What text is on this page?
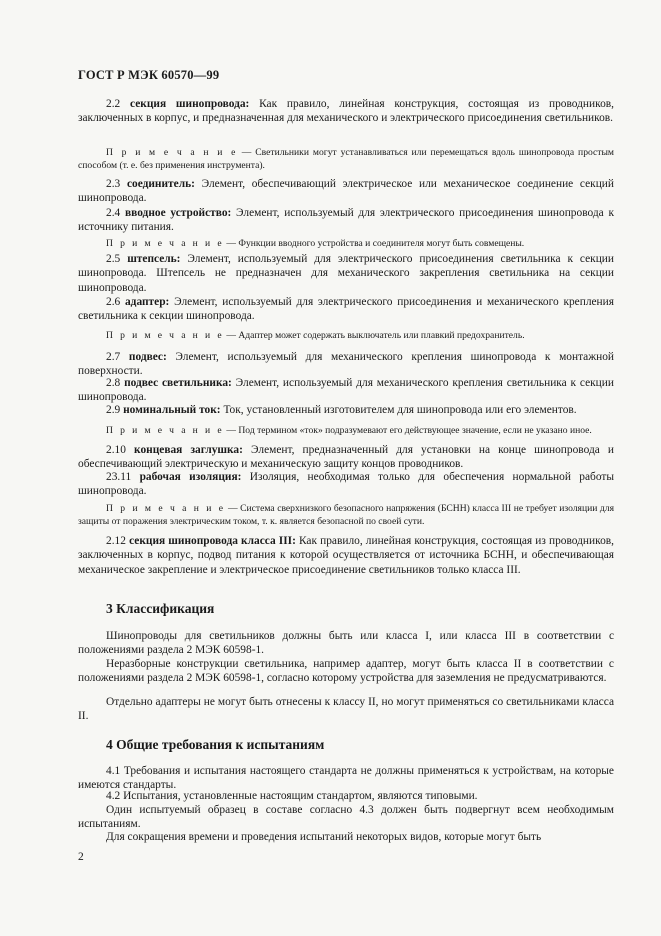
ГОСТ Р МЭК 60570—99
2.2 секция шинопровода: Как правило, линейная конструкция, состоящая из проводников, заключенных в корпус, и предназначенная для механического и электрического присоединения светильников.
П р и м е ч а н и е — Светильники могут устанавливаться или перемещаться вдоль шинопровода простым способом (т. е. без применения инструмента).
2.3 соединитель: Элемент, обеспечивающий электрическое или механическое соединение секций шинопровода.
2.4 вводное устройство: Элемент, используемый для электрического присоединения шинопровода к источнику питания.
П р и м е ч а н и е — Функции вводного устройства и соединителя могут быть совмещены.
2.5 штепсель: Элемент, используемый для электрического присоединения светильника к секции шинопровода. Штепсель не предназначен для механического закрепления светильника на секции шинопровода.
2.6 адаптер: Элемент, используемый для электрического присоединения и механического крепления светильника к секции шинопровода.
П р и м е ч а н и е — Адаптер может содержать выключатель или плавкий предохранитель.
2.7 подвес: Элемент, используемый для механического крепления шинопровода к монтажной поверхности.
2.8 подвес светильника: Элемент, используемый для механического крепления светильника к секции шинопровода.
2.9 номинальный ток: Ток, установленный изготовителем для шинопровода или его элементов.
П р и м е ч а н и е — Под термином «ток» подразумевают его действующее значение, если не указано иное.
2.10 концевая заглушка: Элемент, предназначенный для установки на конце шинопровода и обеспечивающий электрическую и механическую защиту концов проводников.
23.11 рабочая изоляция: Изоляция, необходимая только для обеспечения нормальной работы шинопровода.
П р и м е ч а н и е — Система сверхнизкого безопасного напряжения (БСНН) класса III не требует изоляции для защиты от поражения электрическим током, т. к. является безопасной по своей сути.
2.12 секция шинопровода класса III: Как правило, линейная конструкция, состоящая из проводников, заключенных в корпус, подвод питания к которой осуществляется от источника БСНН, и обеспечивающая механическое закрепление и электрическое присоединение светильников только класса III.
3 Классификация
Шинопроводы для светильников должны быть или класса I, или класса III в соответствии с положениями раздела 2 МЭК 60598-1.
Неразборные конструкции светильника, например адаптер, могут быть класса II в соответствии с положениями раздела 2 МЭК 60598-1, согласно которому устройства для заземления не предусматриваются.
Отдельно адаптеры не могут быть отнесены к классу II, но могут применяться со светильниками класса II.
4 Общие требования к испытаниям
4.1 Требования и испытания настоящего стандарта не должны применяться к устройствам, на которые имеются стандарты.
4.2 Испытания, установленные настоящим стандартом, являются типовыми.
Один испытуемый образец в составе согласно 4.3 должен быть подвергнут всем необходимым испытаниям.
Для сокращения времени и проведения испытаний некоторых видов, которые могут быть
2
